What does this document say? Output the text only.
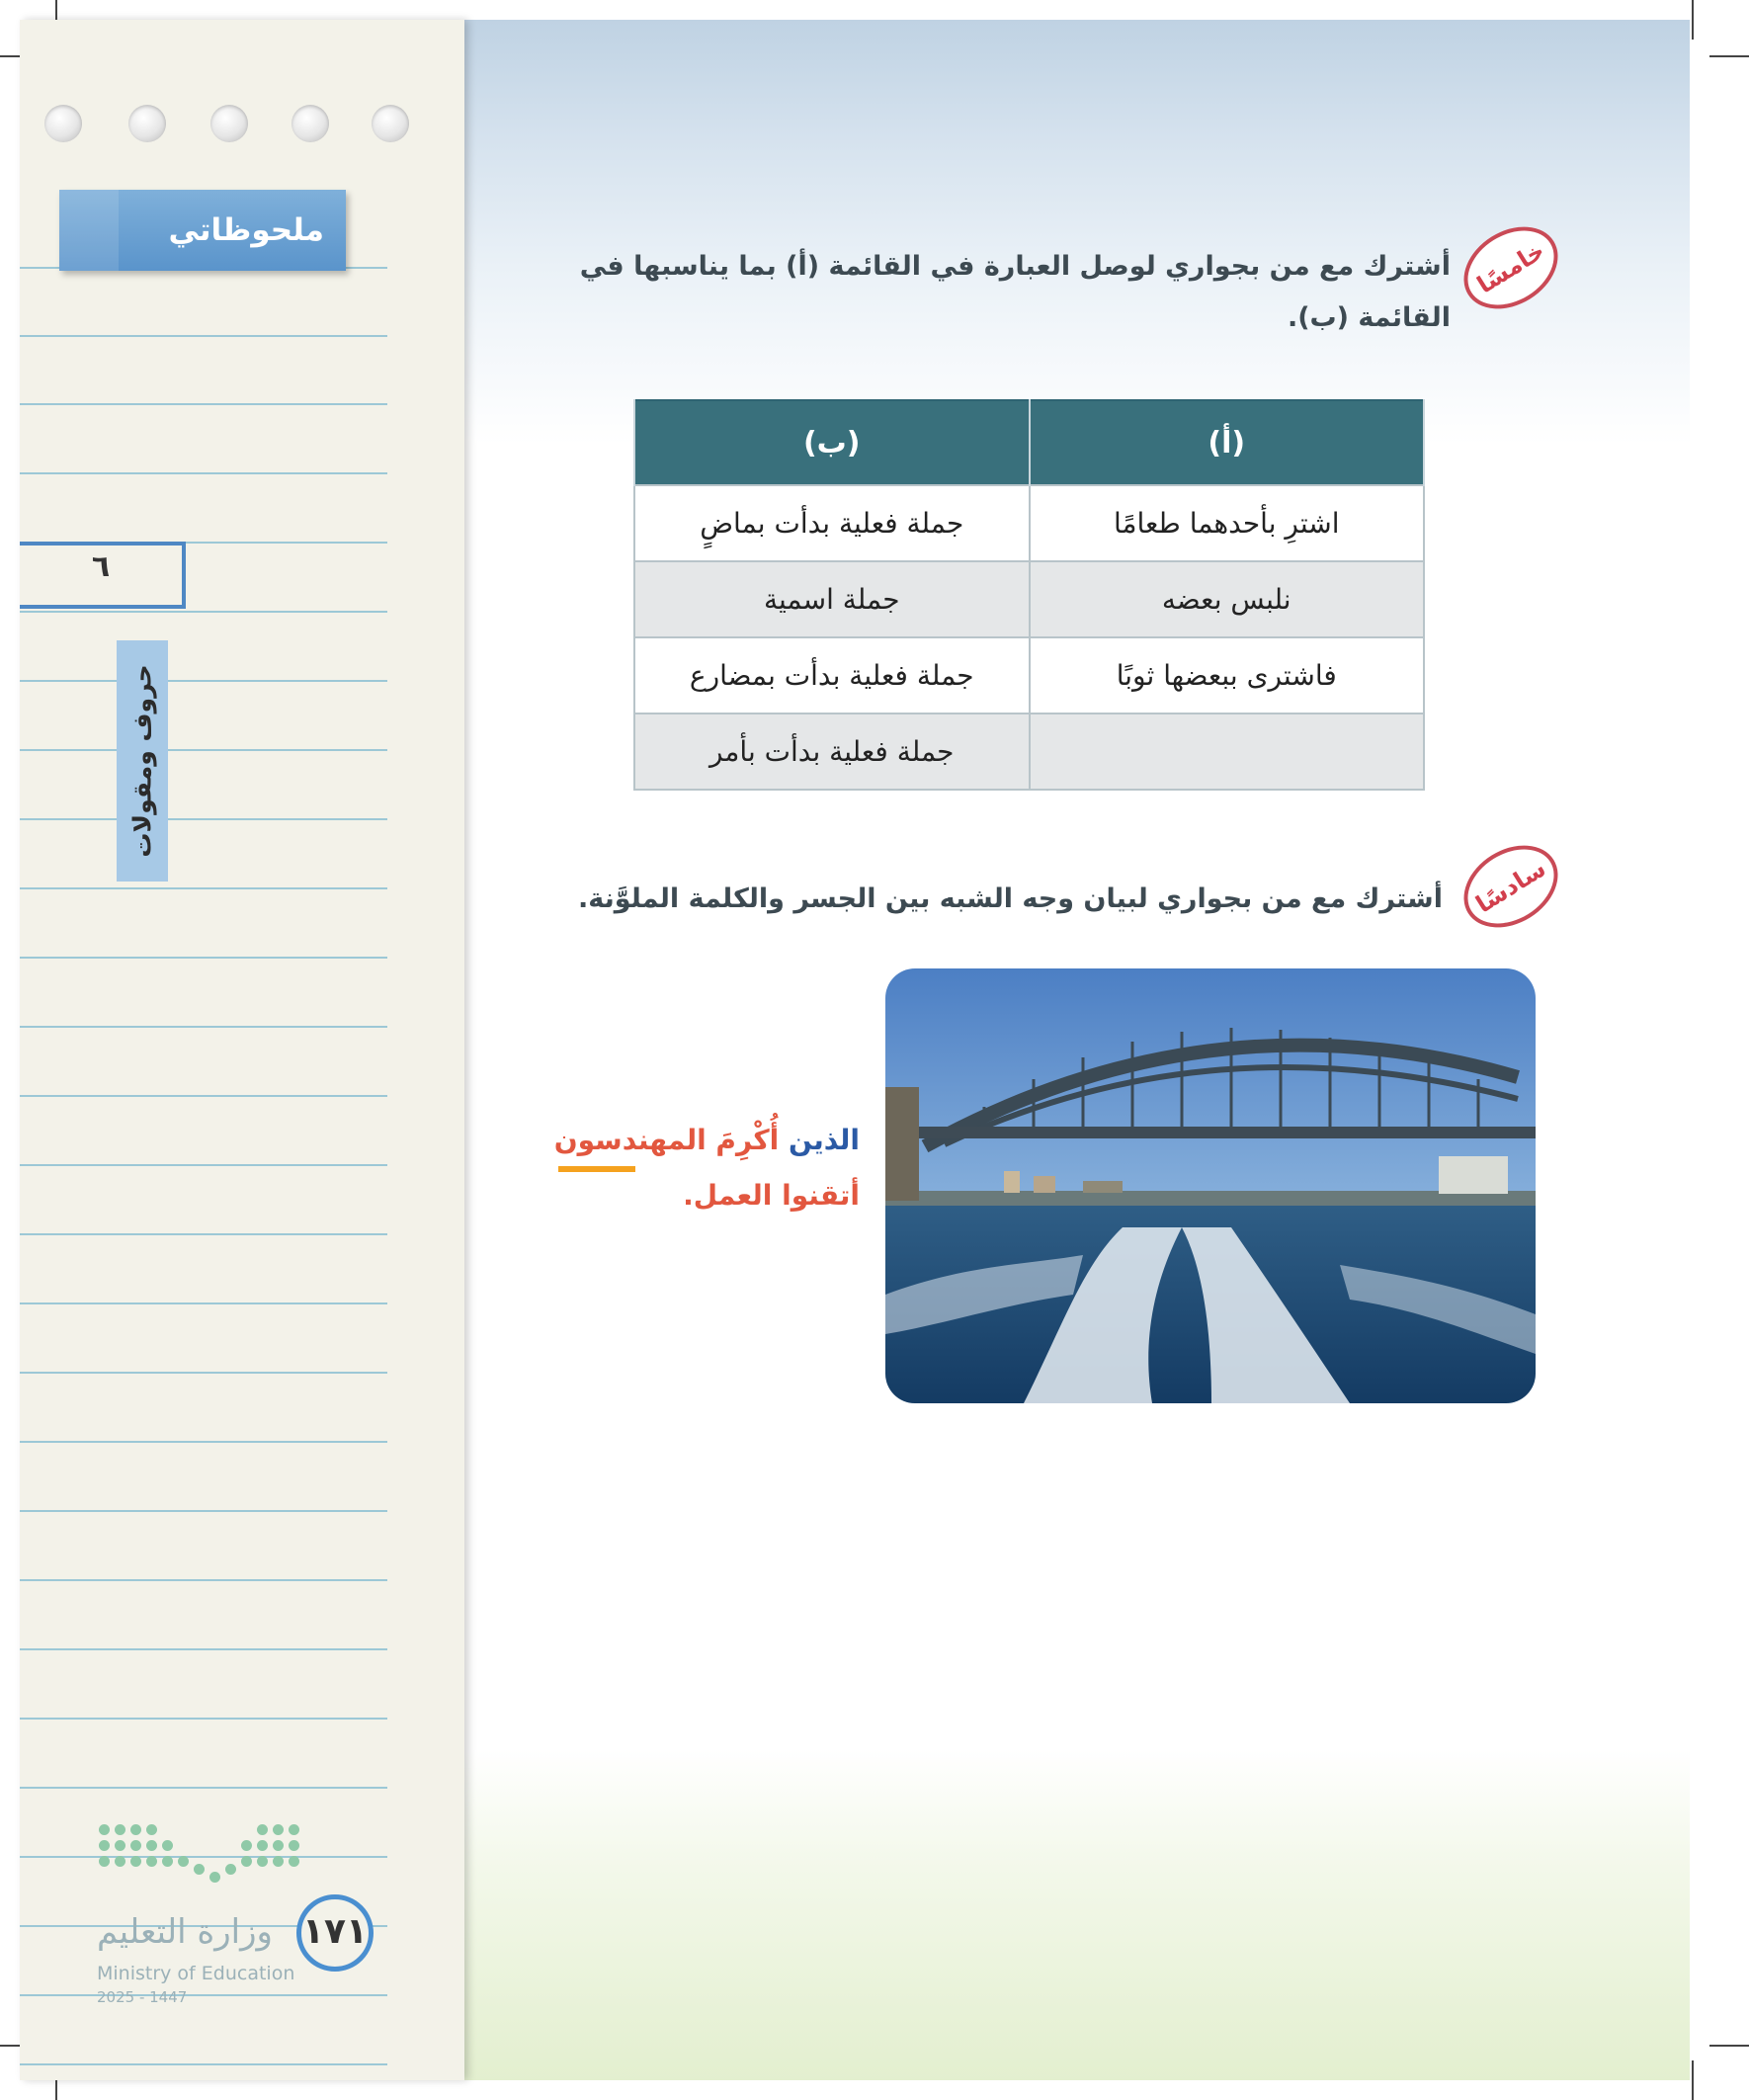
ملحوظاتي
٦
حروف ومقولات
وزارة التعليم
Ministry of Education
2025 - 1447
١٧١
خامسًا
أشترك مع من بجواري لوصل العبارة في القائمة (أ) بما يناسبها في القائمة (ب).
(أ)	(ب)
اشترِ بأحدهما طعامًا	جملة فعلية بدأت بماضٍ
نلبس بعضه	جملة اسمية
فاشترى ببعضها ثوبًا	جملة فعلية بدأت بمضارع
	جملة فعلية بدأت بأمر
سادسًا
أشترك مع من بجواري لبيان وجه الشبه بين الجسر والكلمة الملوَّنة.
الذين أُكْرِمَ المهندسون
أتقنوا العمل.
